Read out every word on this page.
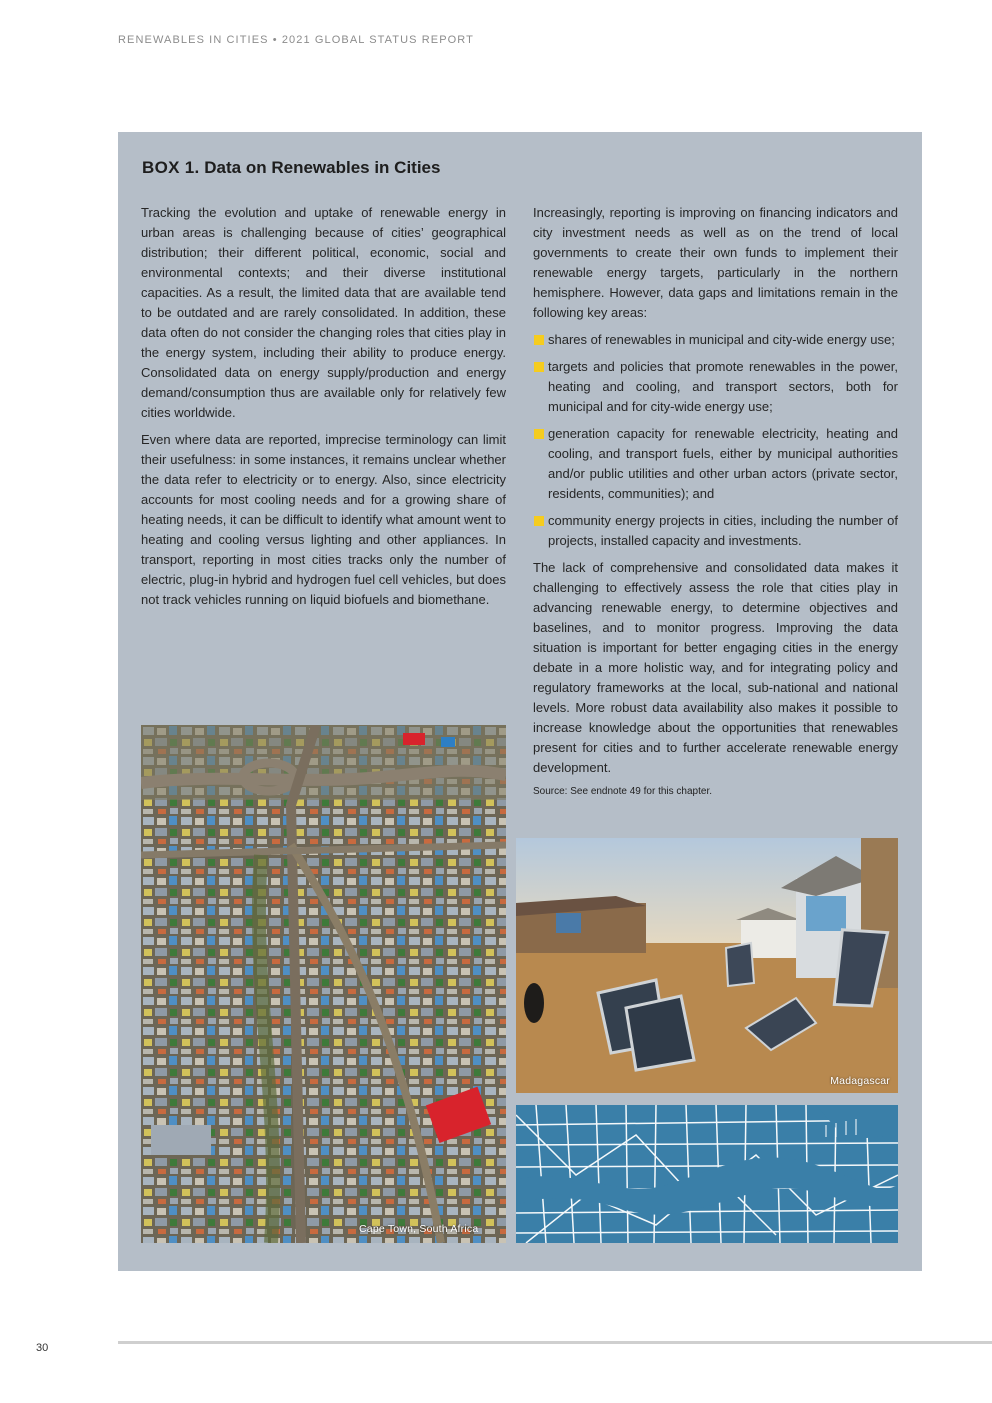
RENEWABLES IN CITIES • 2021 GLOBAL STATUS REPORT
BOX 1. Data on Renewables in Cities

Tracking the evolution and uptake of renewable energy in urban areas is challenging because of cities’ geographical distribution; their different political, economic, social and environmental contexts; and their diverse institutional capacities. As a result, the limited data that are available tend to be outdated and are rarely consolidated. In addition, these data often do not consider the changing roles that cities play in the energy system, including their ability to produce energy. Consolidated data on energy supply/production and energy demand/consumption thus are available only for relatively few cities worldwide.

Even where data are reported, imprecise terminology can limit their usefulness: in some instances, it remains unclear whether the data refer to electricity or to energy. Also, since electricity accounts for most cooling needs and for a growing share of heating needs, it can be difficult to identify what amount went to heating and cooling versus lighting and other appliances. In transport, reporting in most cities tracks only the number of electric, plug-in hybrid and hydrogen fuel cell vehicles, but does not track vehicles running on liquid biofuels and biomethane.

Increasingly, reporting is improving on financing indicators and city investment needs as well as on the trend of local governments to create their own funds to implement their renewable energy targets, particularly in the northern hemisphere. However, data gaps and limitations remain in the following key areas:

shares of renewables in municipal and city-wide energy use;
targets and policies that promote renewables in the power, heating and cooling, and transport sectors, both for municipal and for city-wide energy use;
generation capacity for renewable electricity, heating and cooling, and transport fuels, either by municipal authorities and/or public utilities and other urban actors (private sector, residents, communities); and
community energy projects in cities, including the number of projects, installed capacity and investments.

The lack of comprehensive and consolidated data makes it challenging to effectively assess the role that cities play in advancing renewable energy, to determine objectives and baselines, and to monitor progress. Improving the data situation is important for better engaging cities in the energy debate in a more holistic way, and for integrating policy and regulatory frameworks at the local, sub-national and national levels. More robust data availability also makes it possible to increase knowledge about the opportunities that renewables present for cities and to further accelerate renewable energy development.

Source: See endnote 49 for this chapter.
Cape Town, South Africa
Madagascar
30
